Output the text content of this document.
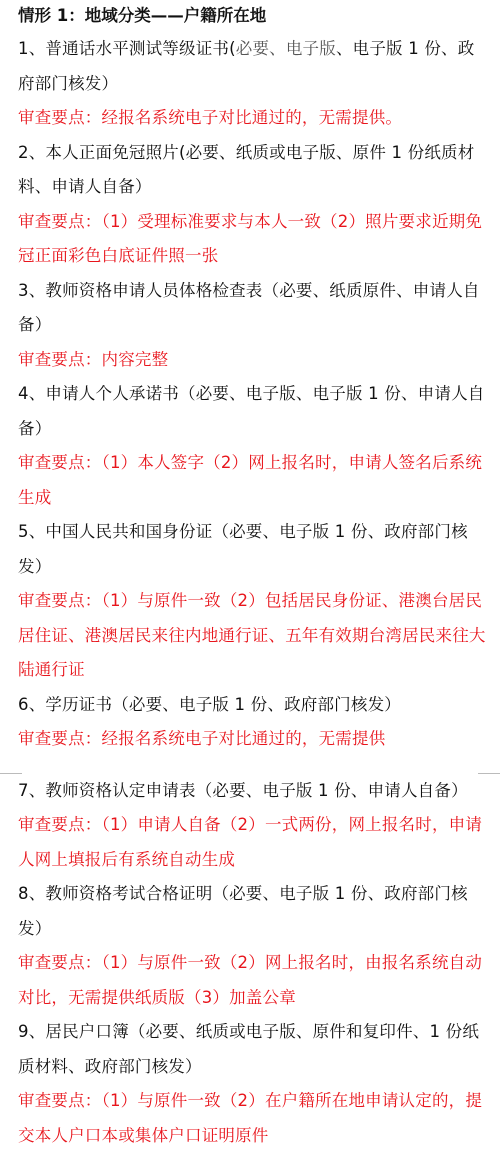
情形 1：地域分类——户籍所在地
1、普通话水平测试等级证书(必要、电子版、电子版 1 份、政府部门核发）
审查要点：经报名系统电子对比通过的，无需提供。
2、本人正面免冠照片(必要、纸质或电子版、原件 1 份纸质材料、申请人自备）
审查要点：（1）受理标准要求与本人一致（2）照片要求近期免冠正面彩色白底证件照一张
3、教师资格申请人员体格检查表（必要、纸质原件、申请人自备）
审查要点：内容完整
4、申请人个人承诺书（必要、电子版、电子版 1 份、申请人自备）
审查要点：（1）本人签字（2）网上报名时，申请人签名后系统生成
5、中国人民共和国身份证（必要、电子版 1 份、政府部门核发）
审查要点：（1）与原件一致（2）包括居民身份证、港澳台居民居住证、港澳居民来往内地通行证、五年有效期台湾居民来往大陆通行证
6、学历证书（必要、电子版 1 份、政府部门核发）
审查要点：经报名系统电子对比通过的，无需提供
7、教师资格认定申请表（必要、电子版 1 份、申请人自备）
审查要点：（1）申请人自备（2）一式两份，网上报名时，申请人网上填报后有系统自动生成
8、教师资格考试合格证明（必要、电子版 1 份、政府部门核发）
审查要点：（1）与原件一致（2）网上报名时，由报名系统自动对比，无需提供纸质版（3）加盖公章
9、居民户口簿（必要、纸质或电子版、原件和复印件、1 份纸质材料、政府部门核发）
审查要点：（1）与原件一致（2）在户籍所在地申请认定的，提交本人户口本或集体户口证明原件
